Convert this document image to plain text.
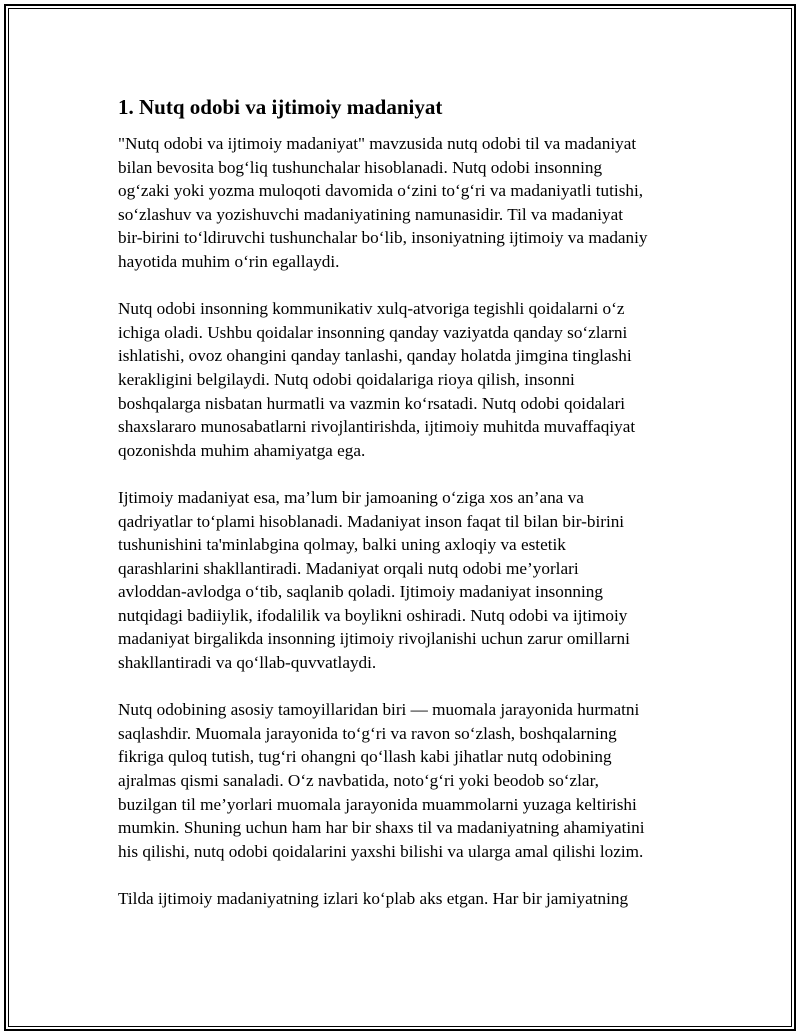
1. Nutq odobi va ijtimoiy madaniyat

"Nutq odobi va ijtimoiy madaniyat" mavzusida nutq odobi til va madaniyat
bilan bevosita bog‘liq tushunchalar hisoblanadi. Nutq odobi insonning
og‘zaki yoki yozma muloqoti davomida o‘zini to‘g‘ri va madaniyatli tutishi,
so‘zlashuv va yozishuvchi madaniyatining namunasidir. Til va madaniyat
bir-birini to‘ldiruvchi tushunchalar bo‘lib, insoniyatning ijtimoiy va madaniy
hayotida muhim o‘rin egallaydi.

Nutq odobi insonning kommunikativ xulq-atvoriga tegishli qoidalarni o‘z
ichiga oladi. Ushbu qoidalar insonning qanday vaziyatda qanday so‘zlarni
ishlatishi, ovoz ohangini qanday tanlashi, qanday holatda jimgina tinglashi
kerakligini belgilaydi. Nutq odobi qoidalariga rioya qilish, insonni
boshqalarga nisbatan hurmatli va vazmin ko‘rsatadi. Nutq odobi qoidalari
shaxslararo munosabatlarni rivojlantirishda, ijtimoiy muhitda muvaffaqiyat
qozonishda muhim ahamiyatga ega.

Ijtimoiy madaniyat esa, ma’lum bir jamoaning o‘ziga xos an’ana va
qadriyatlar to‘plami hisoblanadi. Madaniyat inson faqat til bilan bir-birini
tushunishini ta'minlabgina qolmay, balki uning axloqiy va estetik
qarashlarini shakllantiradi. Madaniyat orqali nutq odobi me’yorlari
avloddan-avlodga o‘tib, saqlanib qoladi. Ijtimoiy madaniyat insonning
nutqidagi badiiylik, ifodalilik va boylikni oshiradi. Nutq odobi va ijtimoiy
madaniyat birgalikda insonning ijtimoiy rivojlanishi uchun zarur omillarni
shakllantiradi va qo‘llab-quvvatlaydi.

Nutq odobining asosiy tamoyillaridan biri — muomala jarayonida hurmatni
saqlashdir. Muomala jarayonida to‘g‘ri va ravon so‘zlash, boshqalarning
fikriga quloq tutish, tug‘ri ohangni qo‘llash kabi jihatlar nutq odobining
ajralmas qismi sanaladi. O‘z navbatida, noto‘g‘ri yoki beodob so‘zlar,
buzilgan til me’yorlari muomala jarayonida muammolarni yuzaga keltirishi
mumkin. Shuning uchun ham har bir shaxs til va madaniyatning ahamiyatini
his qilishi, nutq odobi qoidalarini yaxshi bilishi va ularga amal qilishi lozim.

Tilda ijtimoiy madaniyatning izlari ko‘plab aks etgan. Har bir jamiyatning
